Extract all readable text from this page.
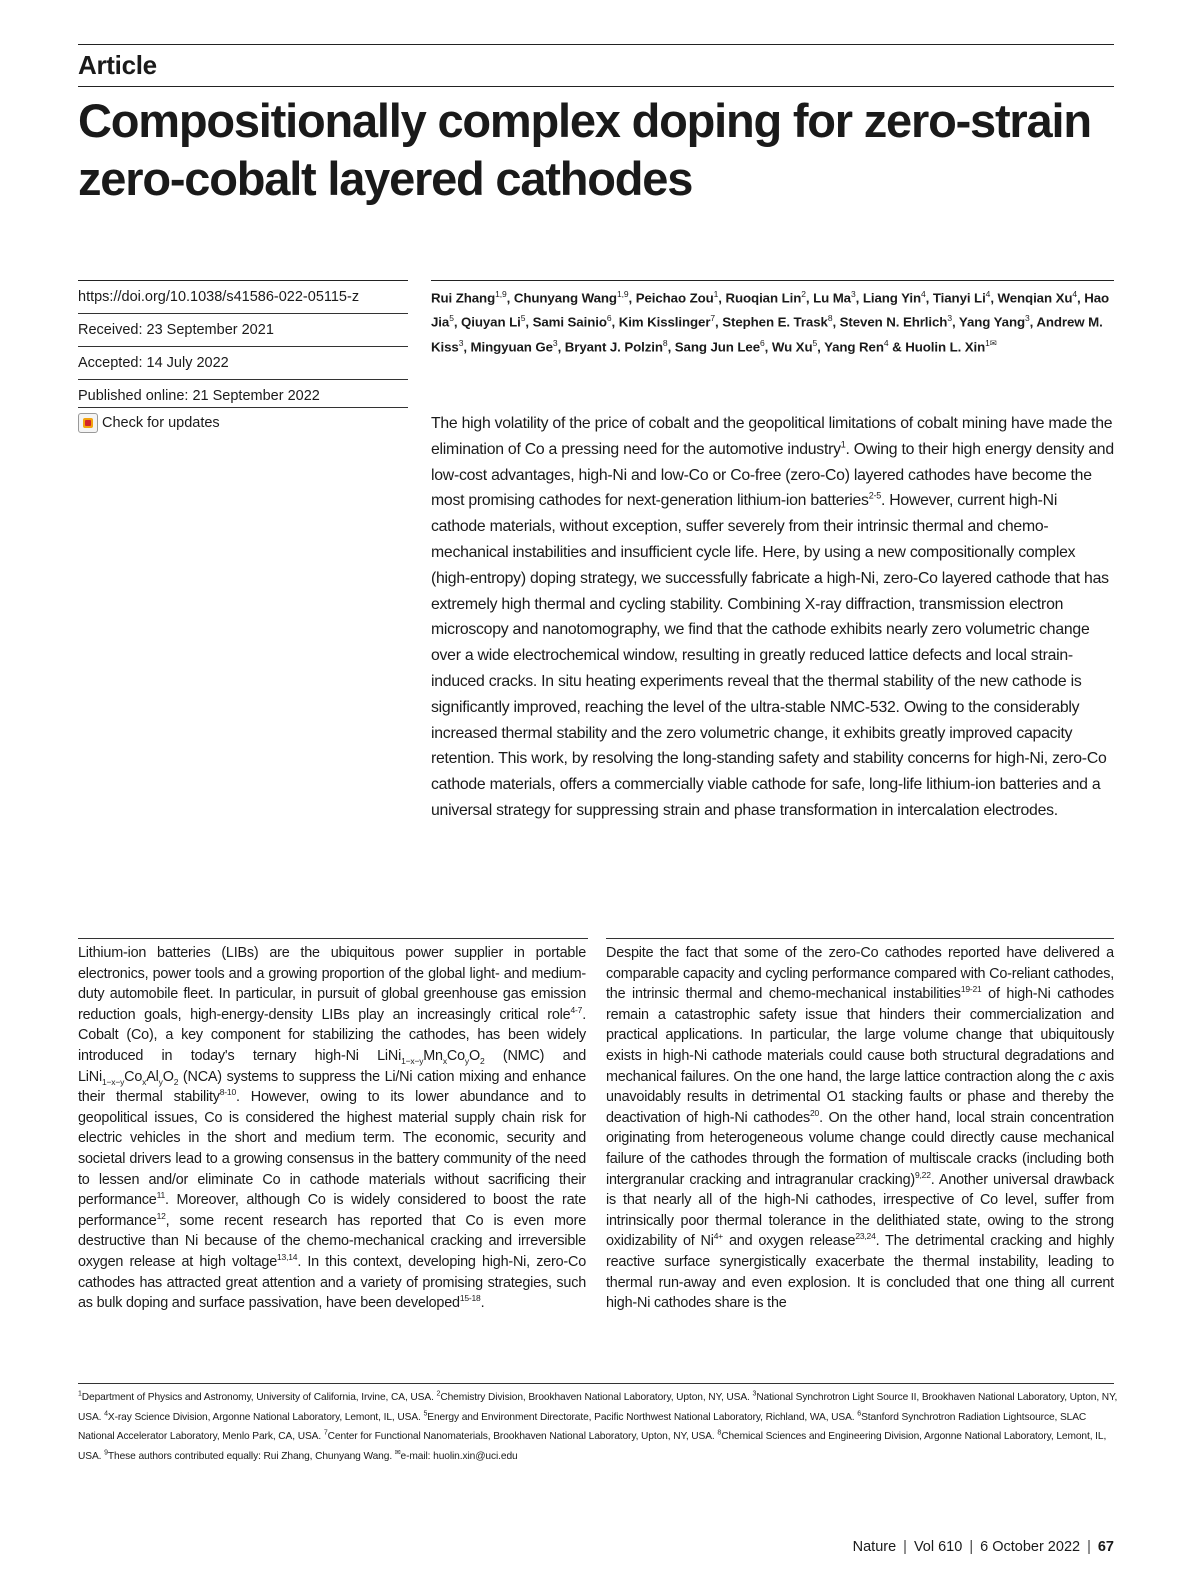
Article
Compositionally complex doping for zero-strain zero-cobalt layered cathodes
https://doi.org/10.1038/s41586-022-05115-z
Received: 23 September 2021
Accepted: 14 July 2022
Published online: 21 September 2022
Check for updates
Rui Zhang$^{1,9}$, Chunyang Wang$^{1,9}$, Peichao Zou$^1$, Ruoqian Lin$^2$, Lu Ma$^3$, Liang Yin$^4$, Tianyi Li$^4$, Wenqian Xu$^4$, Hao Jia$^5$, Qiuyan Li$^5$, Sami Sainio$^6$, Kim Kisslinger$^7$, Stephen E. Trask$^8$, Steven N. Ehrlich$^3$, Yang Yang$^3$, Andrew M. Kiss$^3$, Mingyuan Ge$^3$, Bryant J. Polzin$^8$, Sang Jun Lee$^6$, Wu Xu$^5$, Yang Ren$^4$ & Huolin L. Xin$^{1✉}$

The high volatility of the price of cobalt and the geopolitical limitations of cobalt mining have made the elimination of Co a pressing need for the automotive industry$^1$. Owing to their high energy density and low-cost advantages, high-Ni and low-Co or Co-free (zero-Co) layered cathodes have become the most promising cathodes for next-generation lithium-ion batteries$^{2-5}$. However, current high-Ni cathode materials, without exception, suffer severely from their intrinsic thermal and chemo-mechanical instabilities and insufficient cycle life. Here, by using a new compositionally complex (high-entropy) doping strategy, we successfully fabricate a high-Ni, zero-Co layered cathode that has extremely high thermal and cycling stability. Combining X-ray diffraction, transmission electron microscopy and nanotomography, we find that the cathode exhibits nearly zero volumetric change over a wide electrochemical window, resulting in greatly reduced lattice defects and local strain-induced cracks. In situ heating experiments reveal that the thermal stability of the new cathode is significantly improved, reaching the level of the ultra-stable NMC-532. Owing to the considerably increased thermal stability and the zero volumetric change, it exhibits greatly improved capacity retention. This work, by resolving the long-standing safety and stability concerns for high-Ni, zero-Co cathode materials, offers a commercially viable cathode for safe, long-life lithium-ion batteries and a universal strategy for suppressing strain and phase transformation in intercalation electrodes.

Lithium-ion batteries (LIBs) are the ubiquitous power supplier in portable electronics, power tools and a growing proportion of the global light- and medium-duty automobile fleet. In particular, in pursuit of global greenhouse gas emission reduction goals, high-energy-density LIBs play an increasingly critical role$^{4-7}$. Cobalt (Co), a key component for stabilizing the cathodes, has been widely introduced in today's ternary high-Ni $LiNi_{1-x-y}Mn_xCo_yO_2$ (NMC) and $LiNi_{1-x-y}Co_xAl_yO_2$ (NCA) systems to suppress the Li/Ni cation mixing and enhance their thermal stability$^{8-10}$. However, owing to its lower abundance and to geopolitical issues, Co is considered the highest material supply chain risk for electric vehicles in the short and medium term. The economic, security and societal drivers lead to a growing consensus in the battery community of the need to lessen and/or eliminate Co in cathode materials without sacrificing their performance$^{11}$. Moreover, although Co is widely considered to boost the rate performance$^{12}$, some recent research has reported that Co is even more destructive than Ni because of the chemo-mechanical cracking and irreversible oxygen release at high voltage$^{13,14}$. In this context, developing high-Ni, zero-Co cathodes has attracted great attention and a variety of promising strategies, such as bulk doping and surface passivation, have been developed$^{15-18}$.

Despite the fact that some of the zero-Co cathodes reported have delivered a comparable capacity and cycling performance compared with Co-reliant cathodes, the intrinsic thermal and chemo-mechanical instabilities$^{19-21}$ of high-Ni cathodes remain a catastrophic safety issue that hinders their commercialization and practical applications. In particular, the large volume change that ubiquitously exists in high-Ni cathode materials could cause both structural degradations and mechanical failures. On the one hand, the large lattice contraction along the c axis unavoidably results in detrimental O1 stacking faults or phase and thereby the deactivation of high-Ni cathodes$^{20}$. On the other hand, local strain concentration originating from heterogeneous volume change could directly cause mechanical failure of the cathodes through the formation of multiscale cracks (including both intergranular cracking and intragranular cracking)$^{9,22}$. Another universal drawback is that nearly all of the high-Ni cathodes, irrespective of Co level, suffer from intrinsically poor thermal tolerance in the delithiated state, owing to the strong oxidizability of $Ni^{4+}$ and oxygen release$^{23,24}$. The detrimental cracking and highly reactive surface synergistically exacerbate the thermal instability, leading to thermal run-away and even explosion. It is concluded that one thing all current high-Ni cathodes share is the

$^1$Department of Physics and Astronomy, University of California, Irvine, CA, USA. $^2$Chemistry Division, Brookhaven National Laboratory, Upton, NY, USA. $^3$National Synchrotron Light Source II, Brookhaven National Laboratory, Upton, NY, USA. $^4$X-ray Science Division, Argonne National Laboratory, Lemont, IL, USA. $^5$Energy and Environment Directorate, Pacific Northwest National Laboratory, Richland, WA, USA. $^6$Stanford Synchrotron Radiation Lightsource, SLAC National Accelerator Laboratory, Menlo Park, CA, USA. $^7$Center for Functional Nanomaterials, Brookhaven National Laboratory, Upton, NY, USA. $^8$Chemical Sciences and Engineering Division, Argonne National Laboratory, Lemont, IL, USA. $^9$These authors contributed equally: Rui Zhang, Chunyang Wang. ✉e-mail: huolin.xin@uci.edu

Nature | Vol 610 | 6 October 2022 | 67
